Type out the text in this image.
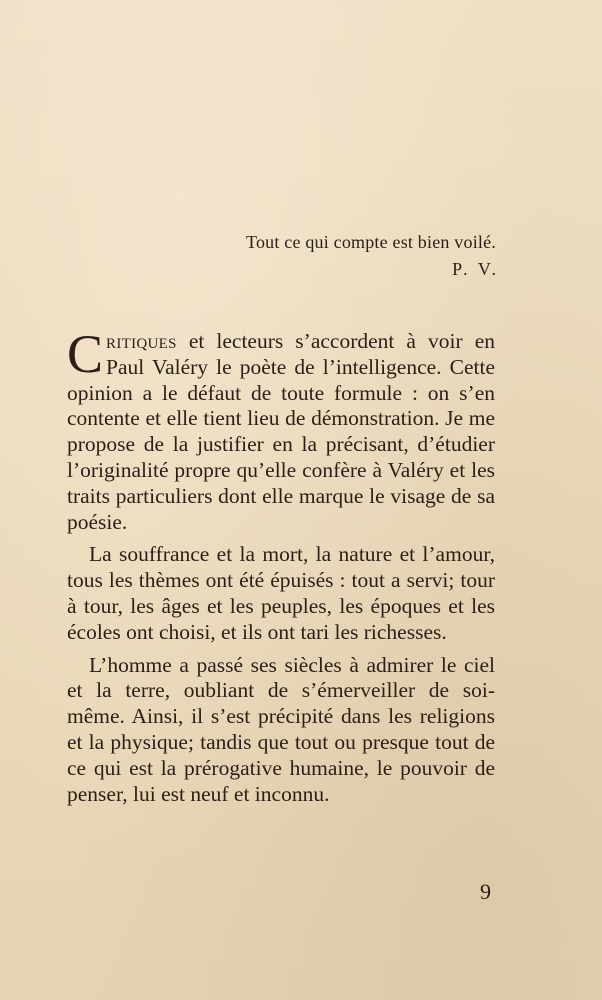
Tout ce qui compte est bien voilé.
P. V.

Critiques et lecteurs s’accordent à voir en Paul Valéry le poète de l’intelligence. Cette opinion a le défaut de toute formule : on s’en contente et elle tient lieu de démonstration. Je me propose de la justifier en la précisant, d’étudier l’originalité propre qu’elle confère à Valéry et les traits particuliers dont elle marque le visage de sa poésie.

La souffrance et la mort, la nature et l’amour, tous les thèmes ont été épuisés : tout a servi; tour à tour, les âges et les peuples, les époques et les écoles ont choisi, et ils ont tari les richesses.

L’homme a passé ses siècles à admirer le ciel et la terre, oubliant de s’émerveiller de soi-même. Ainsi, il s’est précipité dans les religions et la physique; tandis que tout ou presque tout de ce qui est la prérogative humaine, le pouvoir de penser, lui est neuf et inconnu.

9
